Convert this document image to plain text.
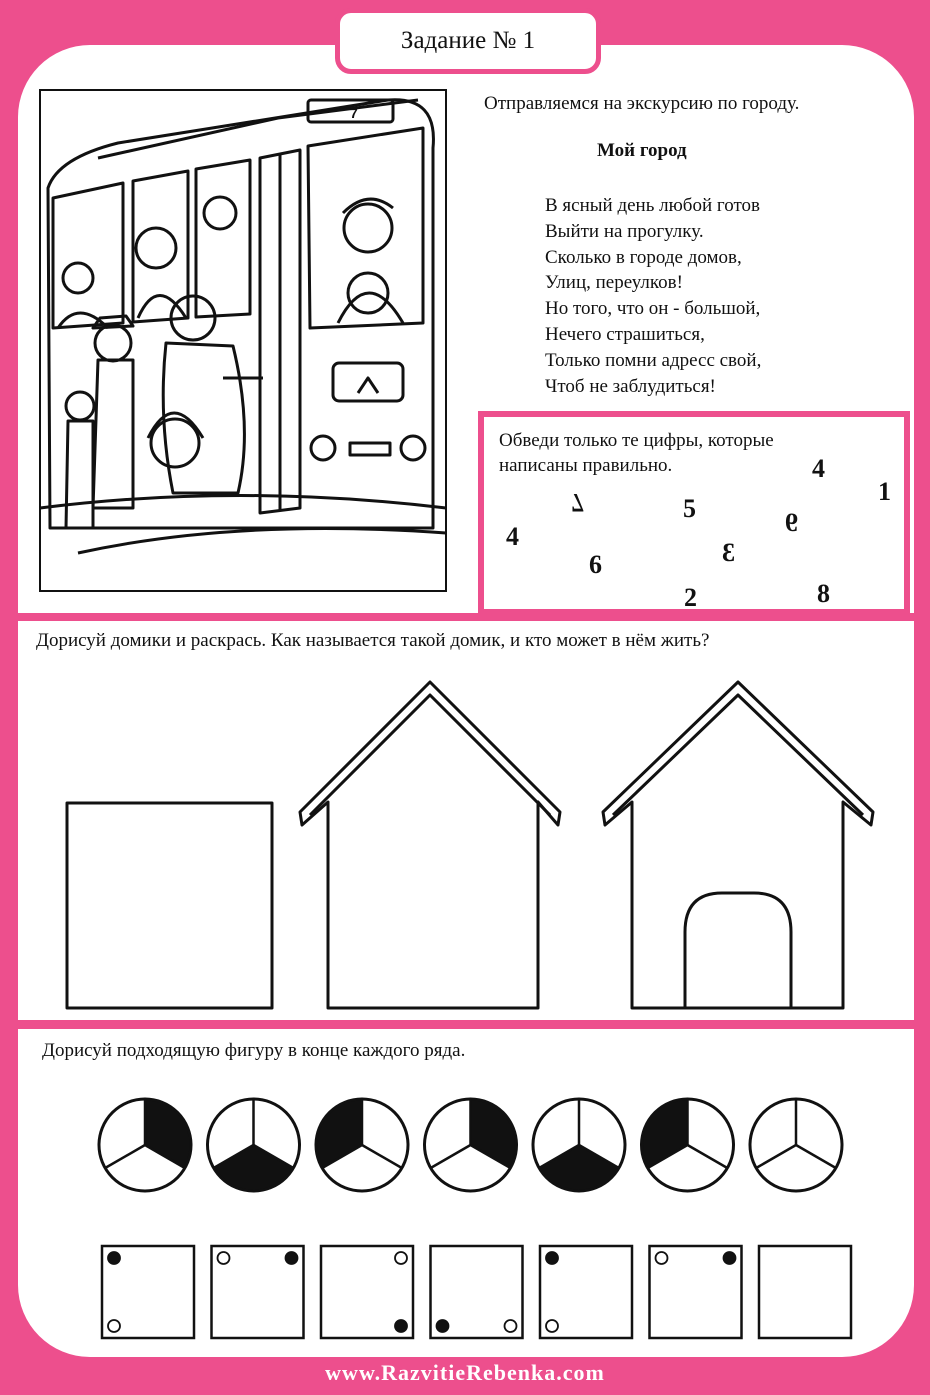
Задание № 1
7	Отправляемся на экскурсию по городу.
Мой город
В ясный день любой готов
Выйти на прогулку.
Сколько в городе домов,
Улиц, переулков!
Но того, что он - большой,
Нечего страшиться,
Только помни адресс свой,
Чтоб не заблудиться!
Обведи только те цифры, которые
написаны правильно.	4
1
7	5	9
4
3
6
2	8
Дорисуй домики и раскрась. Как называется такой домик, и кто может в нём жить?
Дорисуй подходящую фигуру в конце каждого ряда.
www.RazvitieRebenka.com
